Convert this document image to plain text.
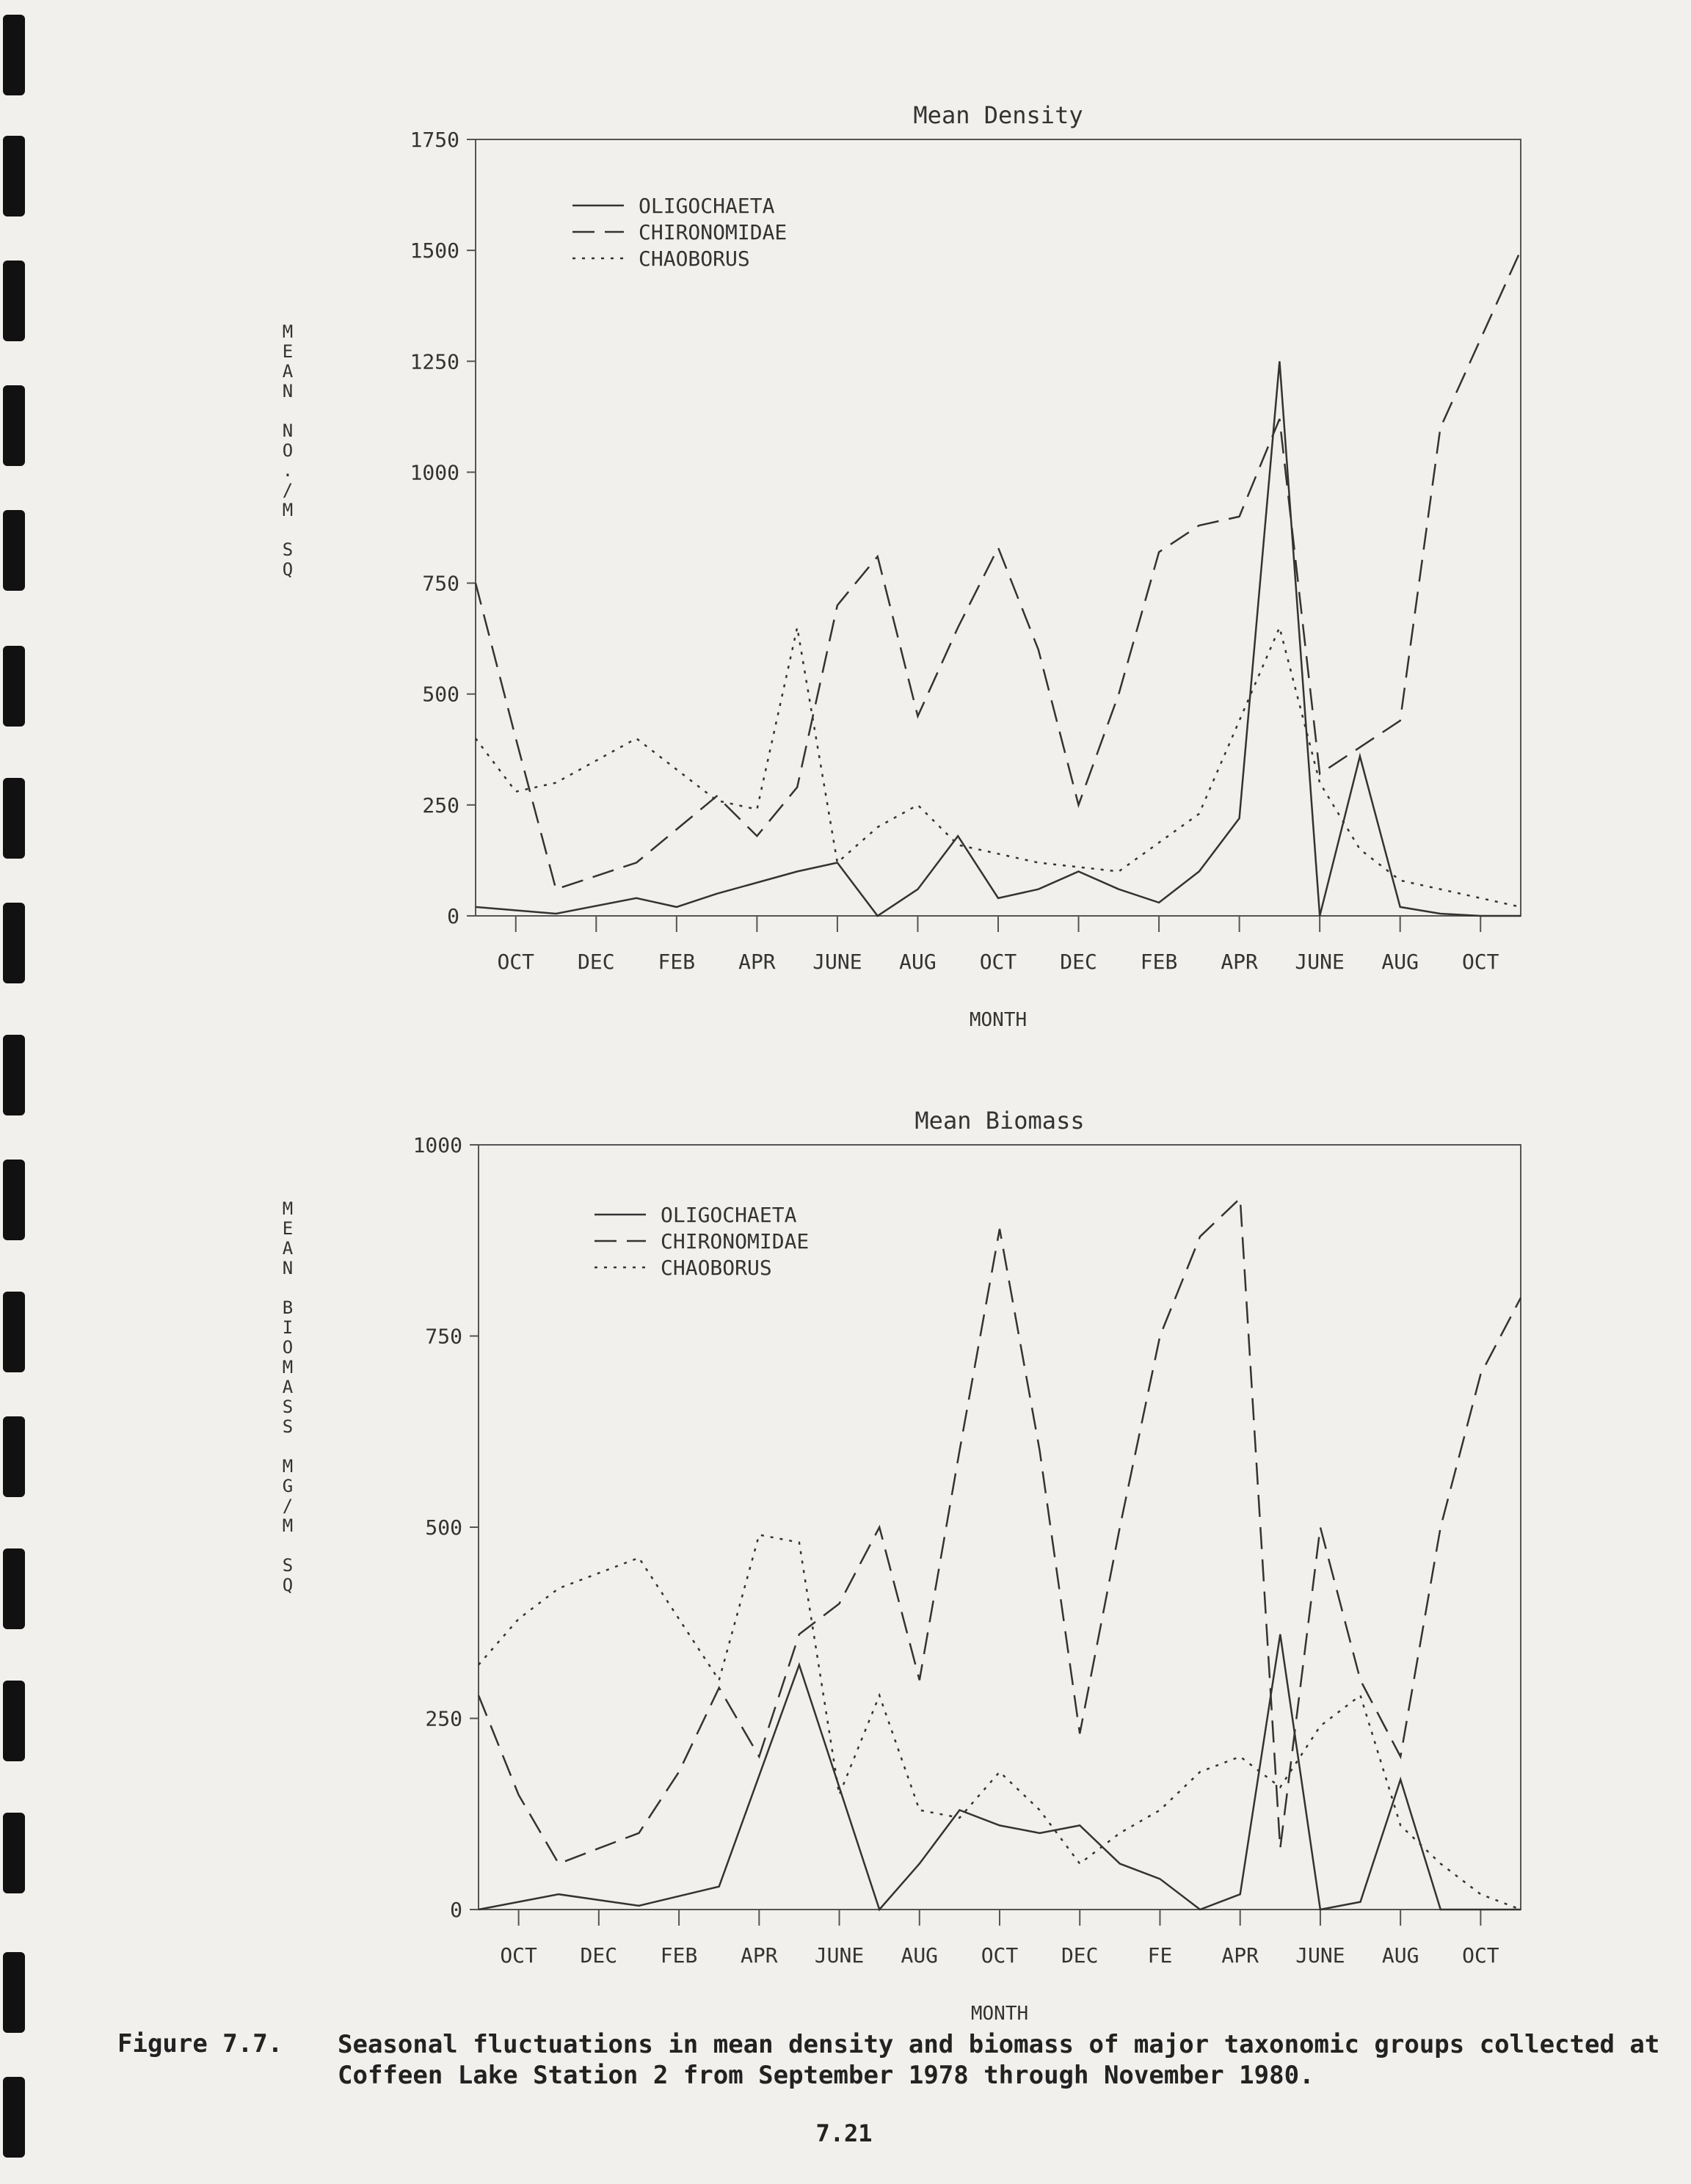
Mean Density
0
250
500
750
1000
1250
1500
1750
OCT DEC FEB APR JUNE AUG OCT DEC FEB APR JUNE AUG OCT
MONTH
M E A N N O . / M S Q
OLIGOCHAETA
CHIRONOMIDAE
CHAOBORUS
Mean Biomass
0
250
500
750
1000
OCT DEC FEB APR JUNE AUG OCT DEC FE APR JUNE AUG OCT
MONTH
M E A N B I O M A S S M G / M S Q
OLIGOCHAETA
CHIRONOMIDAE
CHAOBORUS
Figure 7.7. Seasonal fluctuations in mean density and biomass of major taxonomic groups collected at Coffeen Lake Station 2 from September 1978 through November 1980.
7.21
